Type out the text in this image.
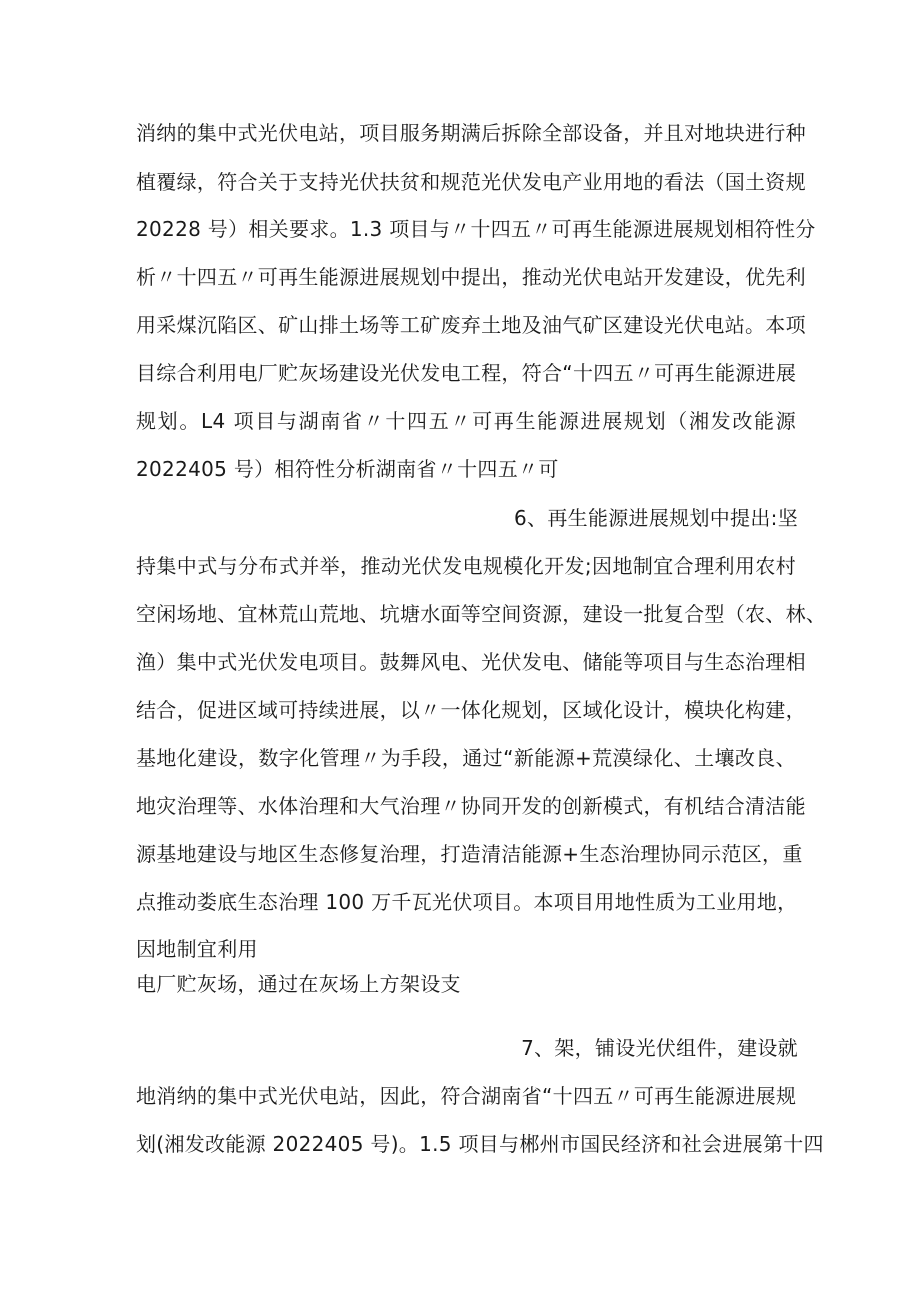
消纳的集中式光伏电站，项目服务期满后拆除全部设备，并且对地块进行种
植覆绿，符合关于支持光伏扶贫和规范光伏发电产业用地的看法（国土资规
20228 号）相关要求。1.3 项目与〃十四五〃可再生能源进展规划相符性分
析〃十四五〃可再生能源进展规划中提出，推动光伏电站开发建设，优先利
用采煤沉陷区、矿山排土场等工矿废弃土地及油气矿区建设光伏电站。本项
目综合利用电厂贮灰场建设光伏发电工程，符合“十四五〃可再生能源进展
规划。L4 项目与湖南省〃十四五〃可再生能源进展规划（湘发改能源
2022405 号）相符性分析湖南省〃十四五〃可
6、再生能源进展规划中提出:坚
持集中式与分布式并举，推动光伏发电规模化开发;因地制宜合理利用农村
空闲场地、宜林荒山荒地、坑塘水面等空间资源，建设一批复合型（农、林、
渔）集中式光伏发电项目。鼓舞风电、光伏发电、储能等项目与生态治理相
结合，促进区域可持续进展，以〃一体化规划，区域化设计，模块化构建，
基地化建设，数字化管理〃为手段，通过“新能源+荒漠绿化、土壤改良、
地灾治理等、水体治理和大气治理〃协同开发的创新模式，有机结合清洁能
源基地建设与地区生态修复治理，打造清洁能源+生态治理协同示范区，重
点推动娄底生态治理 100 万千瓦光伏项目。本项目用地性质为工业用地，
因地制宜利用
电厂贮灰场，通过在灰场上方架设支
7、架，铺设光伏组件，建设就
地消纳的集中式光伏电站，因此，符合湖南省“十四五〃可再生能源进展规
划(湘发改能源 2022405 号)。1.5 项目与郴州市国民经济和社会进展第十四
